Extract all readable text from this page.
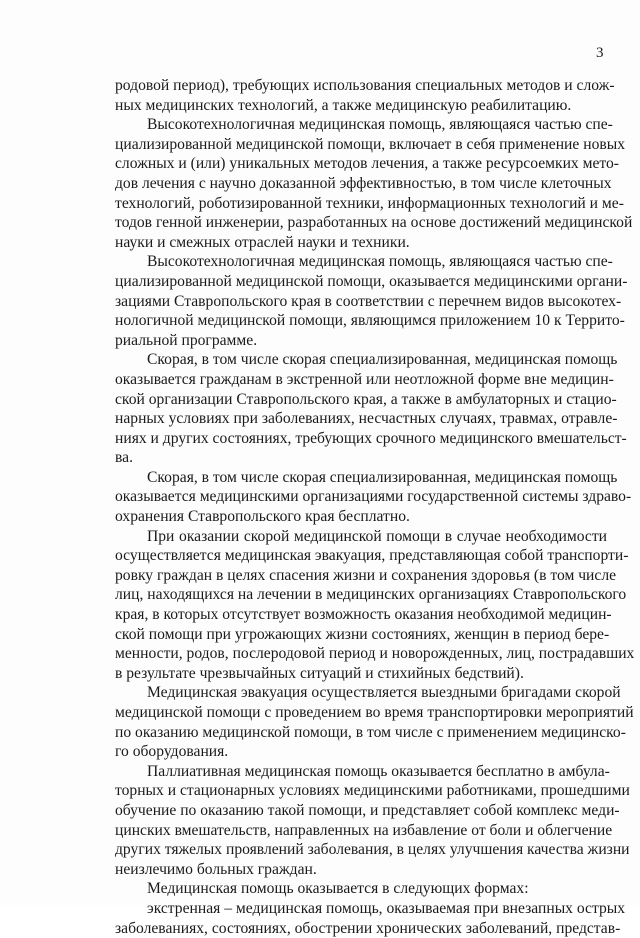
3
родовой период), требующих использования специальных методов и слож-
ных медицинских технологий, а также медицинскую реабилитацию.
Высокотехнологичная медицинская помощь, являющаяся частью спе-
циализированной медицинской помощи, включает в себя применение новых
сложных и (или) уникальных методов лечения, а также ресурсоемких мето-
дов лечения с научно доказанной эффективностью, в том числе клеточных
технологий, роботизированной техники, информационных технологий и ме-
тодов генной инженерии, разработанных на основе достижений медицинской
науки и смежных отраслей науки и техники.
Высокотехнологичная медицинская помощь, являющаяся частью спе-
циализированной медицинской помощи, оказывается медицинскими органи-
зациями Ставропольского края в соответствии с перечнем видов высокотех-
нологичной медицинской помощи, являющимся приложением 10 к Террито-
риальной программе.
Скорая, в том числе скорая специализированная, медицинская помощь
оказывается гражданам в экстренной или неотложной форме вне медицин-
ской организации Ставропольского края, а также в амбулаторных и стацио-
нарных условиях при заболеваниях, несчастных случаях, травмах, отравле-
ниях и других состояниях, требующих срочного медицинского вмешательст-
ва.
Скорая, в том числе скорая специализированная, медицинская помощь
оказывается медицинскими организациями государственной системы здраво-
охранения Ставропольского края бесплатно.
При оказании скорой медицинской помощи в случае необходимости
осуществляется медицинская эвакуация, представляющая собой транспорти-
ровку граждан в целях спасения жизни и сохранения здоровья (в том числе
лиц, находящихся на лечении в медицинских организациях Ставропольского
края, в которых отсутствует возможность оказания необходимой медицин-
ской помощи при угрожающих жизни состояниях, женщин в период бере-
менности, родов, послеродовой период и новорожденных, лиц, пострадавших
в результате чрезвычайных ситуаций и стихийных бедствий).
Медицинская эвакуация осуществляется выездными бригадами скорой
медицинской помощи с проведением во время транспортировки мероприятий
по оказанию медицинской помощи, в том числе с применением медицинско-
го оборудования.
Паллиативная медицинская помощь оказывается бесплатно в амбула-
торных и стационарных условиях медицинскими работниками, прошедшими
обучение по оказанию такой помощи, и представляет собой комплекс меди-
цинских вмешательств, направленных на избавление от боли и облегчение
других тяжелых проявлений заболевания, в целях улучшения качества жизни
неизлечимо больных граждан.
Медицинская помощь оказывается в следующих формах:
экстренная – медицинская помощь, оказываемая при внезапных острых
заболеваниях, состояниях, обострении хронических заболеваний, представ-
